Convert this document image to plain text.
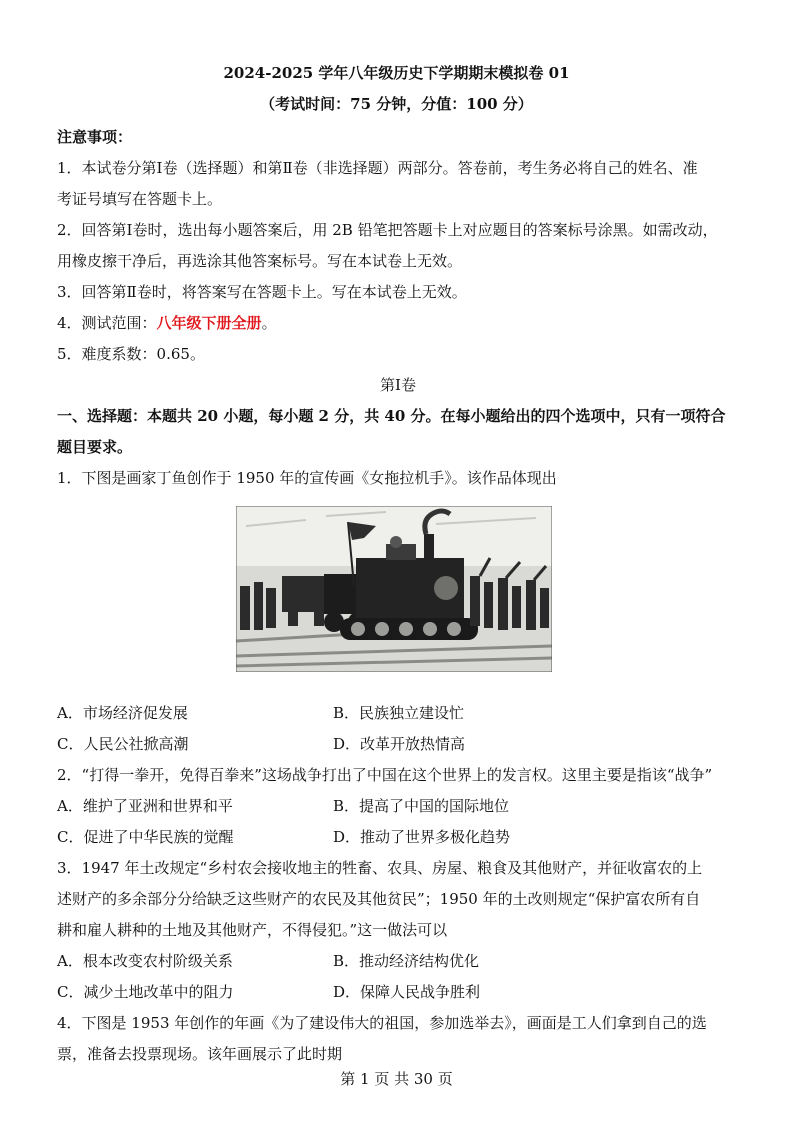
2024-2025 学年八年级历史下学期期末模拟卷 01
（考试时间：75 分钟，分值：100 分）
注意事项：
1．本试卷分第Ⅰ卷（选择题）和第Ⅱ卷（非选择题）两部分。答卷前，考生务必将自己的姓名、准
考证号填写在答题卡上。
2．回答第Ⅰ卷时，选出每小题答案后，用 2B 铅笔把答题卡上对应题目的答案标号涂黑。如需改动，
用橡皮擦干净后，再选涂其他答案标号。写在本试卷上无效。
3．回答第Ⅱ卷时，将答案写在答题卡上。写在本试卷上无效。
4．测试范围：八年级下册全册。
5．难度系数：0.65。
第Ⅰ卷
一、选择题：本题共 20 小题，每小题 2 分，共 40 分。在每小题给出的四个选项中，只有一项符合
题目要求。
1．下图是画家丁鱼创作于 1950 年的宣传画《女拖拉机手》。该作品体现出
A．市场经济促发展	B．民族独立建设忙
C．人民公社掀高潮	D．改革开放热情高
2．“打得一拳开，免得百拳来”这场战争打出了中国在这个世界上的发言权。这里主要是指该“战争”
A．维护了亚洲和世界和平	B．提高了中国的国际地位
C．促进了中华民族的觉醒	D．推动了世界多极化趋势
3．1947 年土改规定“乡村农会接收地主的牲畜、农具、房屋、粮食及其他财产，并征收富农的上
述财产的多余部分分给缺乏这些财产的农民及其他贫民”；1950 年的土改则规定“保护富农所有自
耕和雇人耕种的土地及其他财产，不得侵犯。”这一做法可以
A．根本改变农村阶级关系	B．推动经济结构优化
C．减少土地改革中的阻力	D．保障人民战争胜利
4．下图是 1953 年创作的年画《为了建设伟大的祖国，参加选举去》，画面是工人们拿到自己的选
票，准备去投票现场。该年画展示了此时期
第 1 页 共 30 页
